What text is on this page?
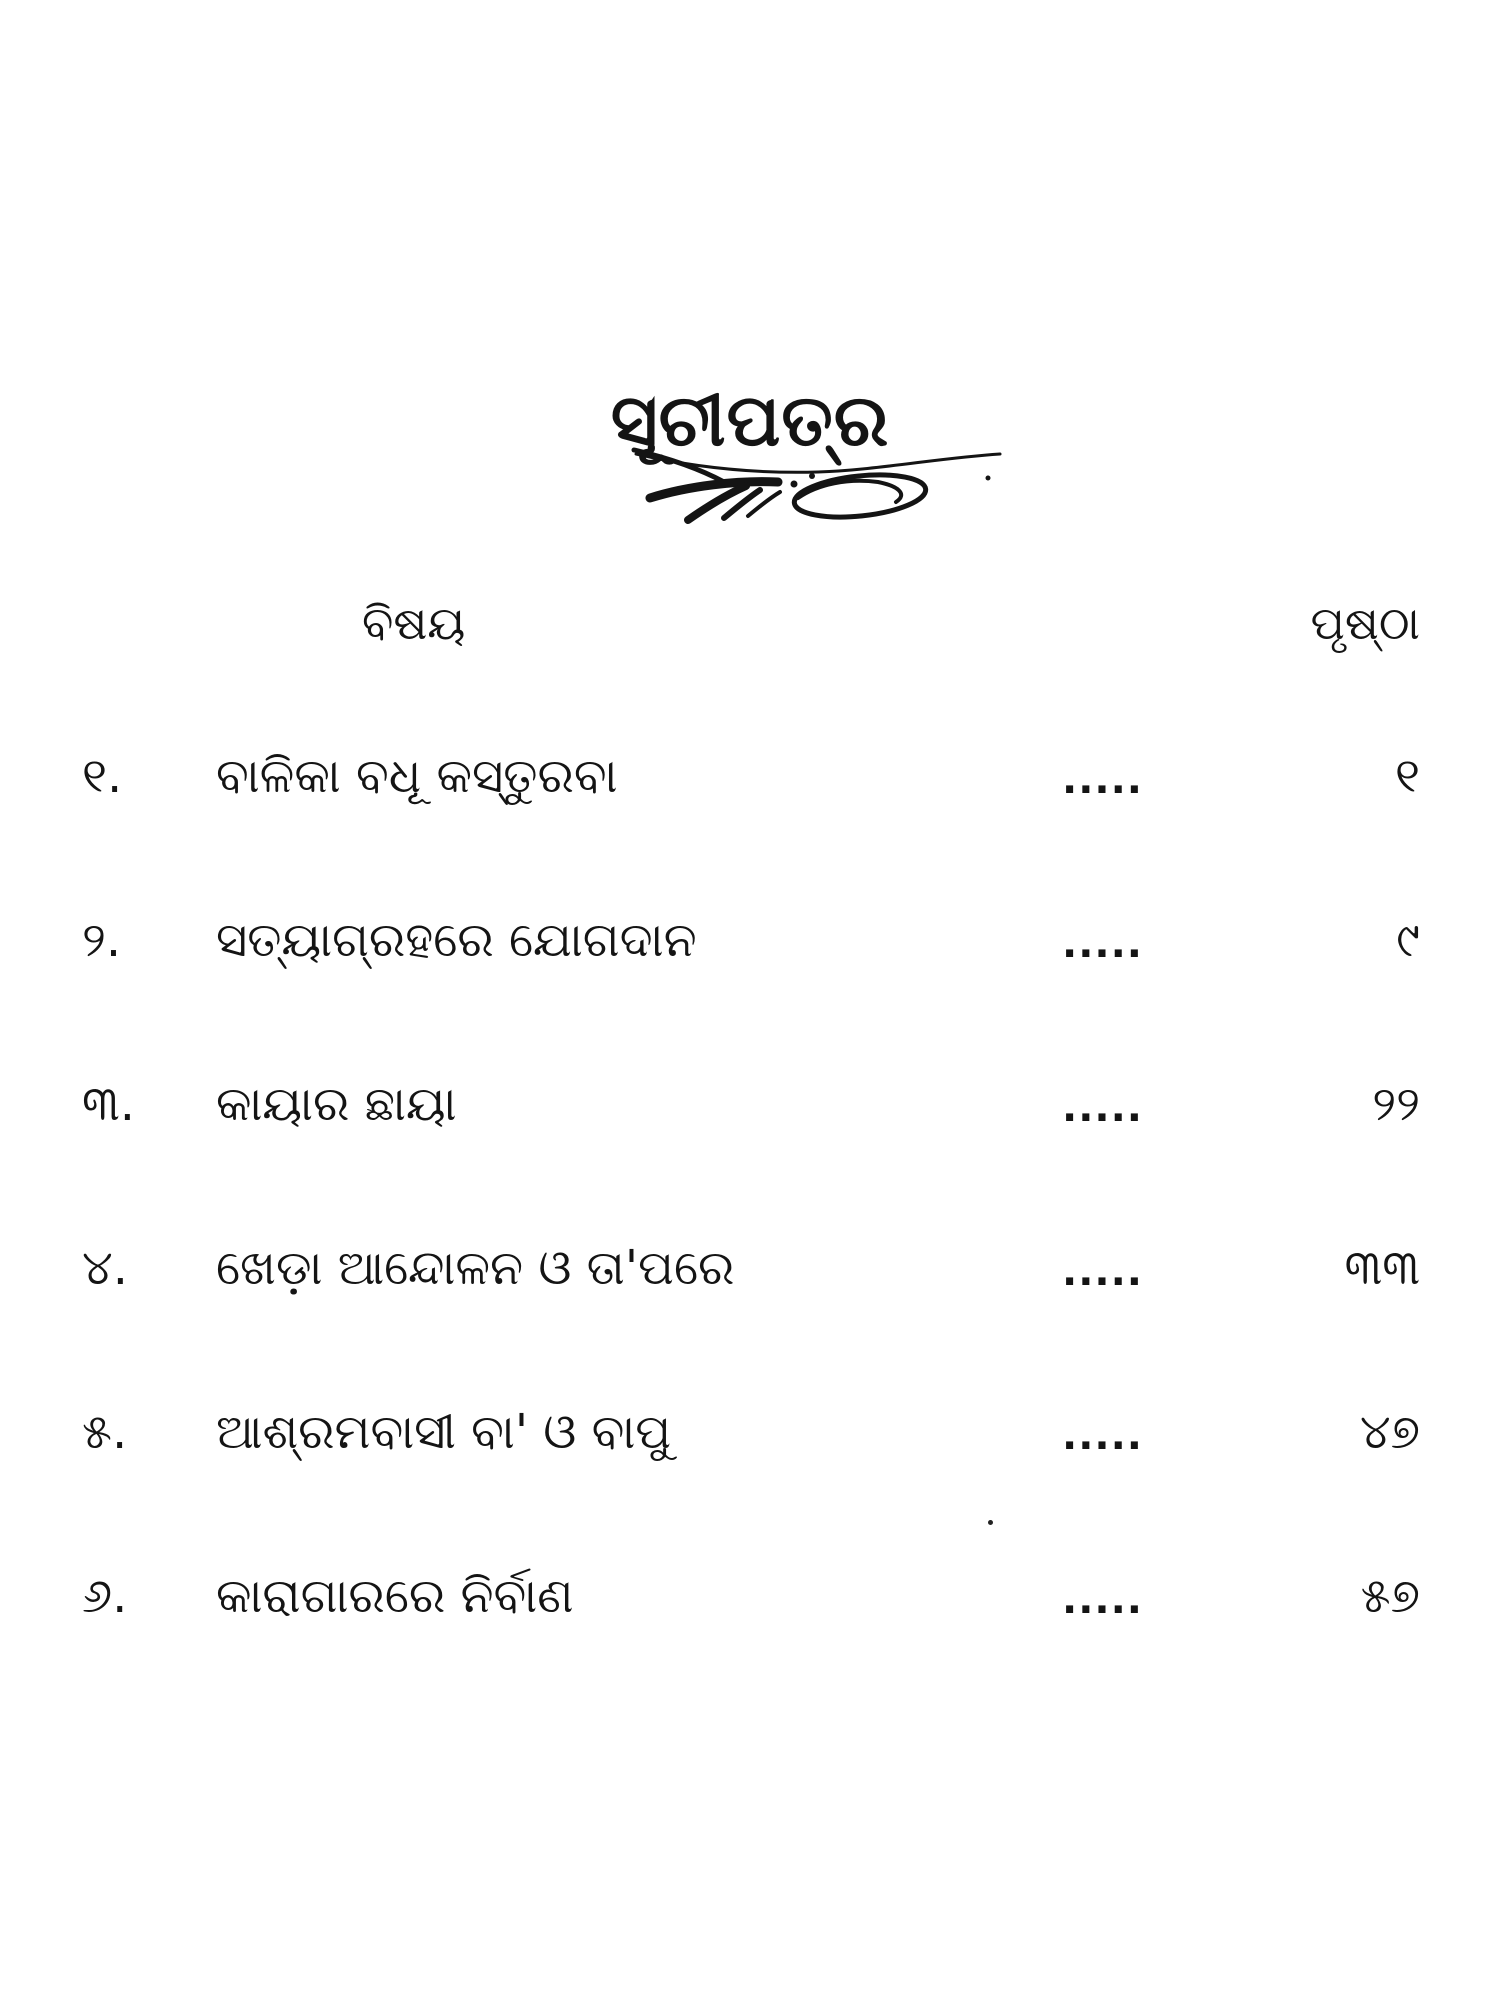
ସୂଚୀପତ୍ର
ବିଷୟ	ପୃଷ୍ଠା
୧. ବାଳିକା ବଧୂ କସ୍ତୁରବା	.....	୧
୨. ସତ୍ୟାଗ୍ରହରେ ଯୋଗଦାନ	.....	୯
୩. କାୟାର ଛାୟା	.....	୨୨
୪. ଖେଡ଼ା ଆନ୍ଦୋଳନ ଓ ତା'ପରେ	.....	୩୩
୫. ଆଶ୍ରମବାସୀ ବା' ଓ ବାପୁ	.....	୪୭
୬. କାରାଗାରରେ ନିର୍ବାଣ	.....	୫୭
